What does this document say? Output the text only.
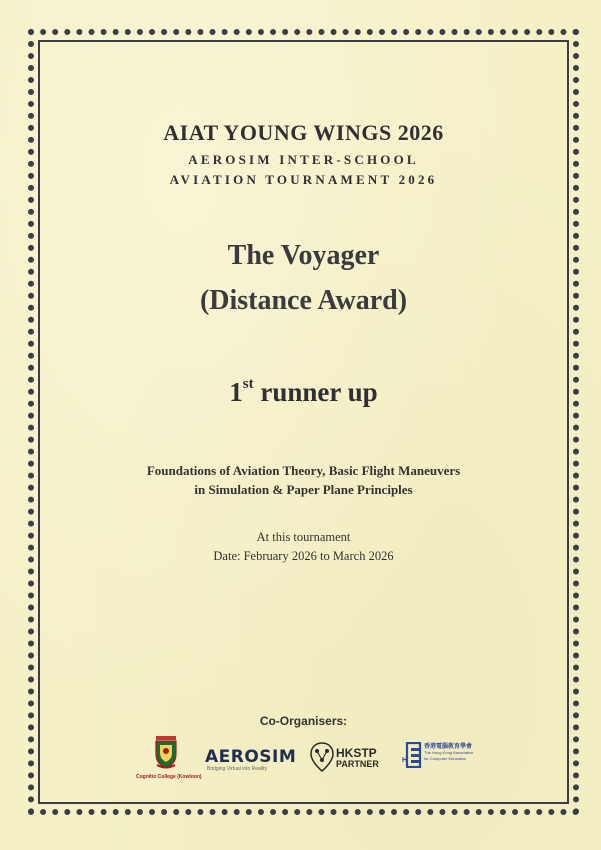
AIAT YOUNG WINGS 2026
AEROSIM INTER-SCHOOL
AVIATION TOURNAMENT 2026
The Voyager
(Distance Award)
1st runner up
Foundations of Aviation Theory, Basic Flight Maneuvers
in Simulation & Paper Plane Principles
At this tournament
Date: February 2026 to March 2026
Co-Organisers:
Cognitio College (Kowloon)
AEROSIM
Bridging Virtual into Reality
HKSTP
PARTNER	H
香港電腦教育學會
The Hong Kong Association
for Computer Education
